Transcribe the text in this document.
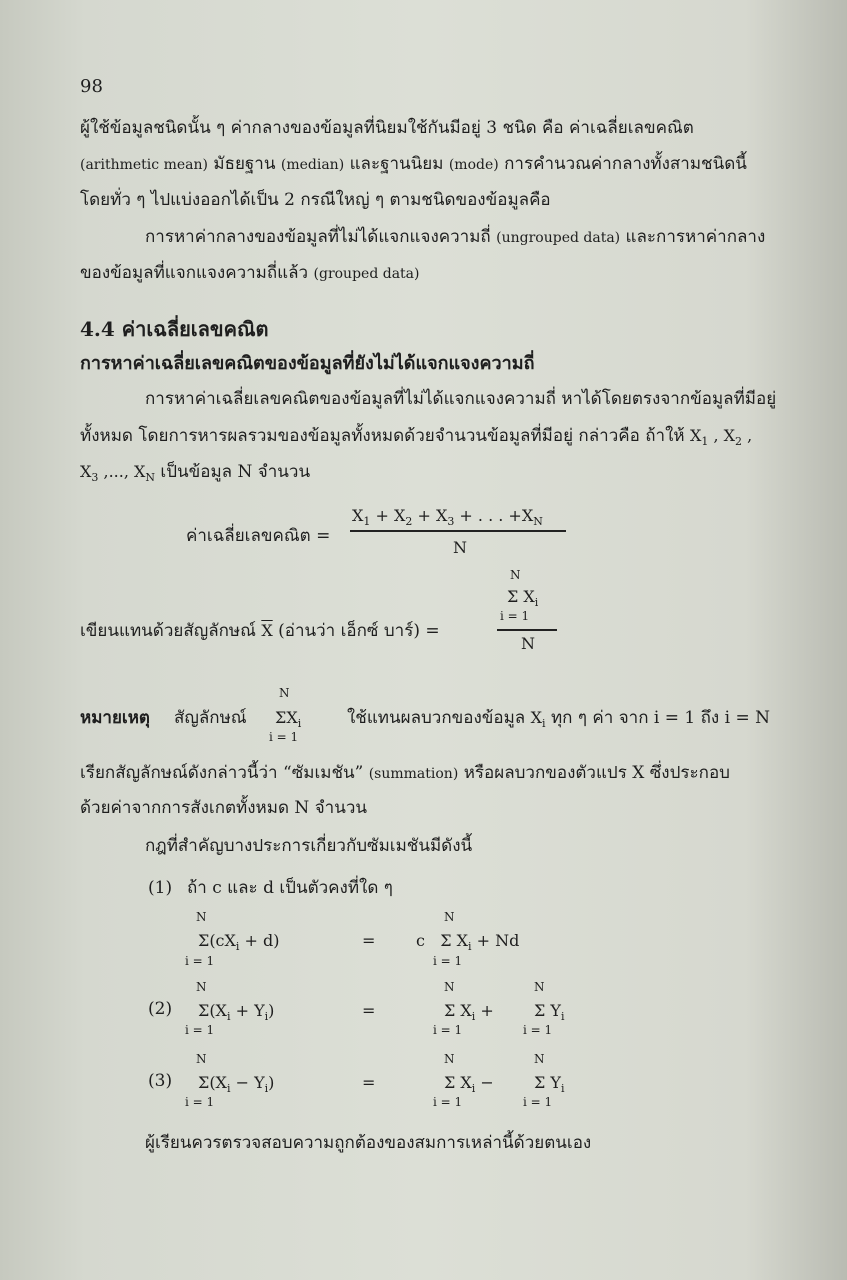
98
ผู้ใช้ข้อมูลชนิดนั้น ๆ ค่ากลางของข้อมูลที่นิยมใช้กันมีอยู่ 3 ชนิด คือ ค่าเฉลี่ยเลขคณิต
(arithmetic mean) มัธยฐาน (median) และฐานนิยม (mode) การคำนวณค่ากลางทั้งสามชนิดนี้
โดยทั่ว ๆ ไปแบ่งออกได้เป็น 2 กรณีใหญ่ ๆ ตามชนิดของข้อมูลคือ
การหาค่ากลางของข้อมูลที่ไม่ได้แจกแจงความถี่ (ungrouped data) และการหาค่ากลาง
ของข้อมูลที่แจกแจงความถี่แล้ว (grouped data)
4.4 ค่าเฉลี่ยเลขคณิต
การหาค่าเฉลี่ยเลขคณิตของข้อมูลที่ยังไม่ได้แจกแจงความถี่
การหาค่าเฉลี่ยเลขคณิตของข้อมูลที่ไม่ได้แจกแจงความถี่ หาได้โดยตรงจากข้อมูลที่มีอยู่
ทั้งหมด โดยการหารผลรวมของข้อมูลทั้งหมดด้วยจำนวนข้อมูลที่มีอยู่ กล่าวคือ ถ้าให้ $X_1$ , $X_2$ ,
$X_3$ ,..., $X_N$ เป็นข้อมูล N จำนวน
ค่าเฉลี่ยเลขคณิต =
$X_1 + X_2 + X_3$ + . . . $+X_N$
N
เขียนแทนด้วยสัญลักษณ์ $\overline{X}$ (อ่านว่า เอ็กซ์ บาร์) =
N
Σ $X_i$
i = 1
N
หมายเหตุ สัญลักษณ์
N
$\Sigma X_i$
i = 1
ใช้แทนผลบวกของข้อมูล $X_i$ ทุก ๆ ค่า จาก i = 1 ถึง i = N
เรียกสัญลักษณ์ดังกล่าวนี้ว่า “ซัมเมชัน” (summation) หรือผลบวกของตัวแปร X ซึ่งประกอบ
ด้วยค่าจากการสังเกตทั้งหมด N จำนวน
กฎที่สำคัญบางประการเกี่ยวกับซัมเมชันมีดังนี้
(1) ถ้า c และ d เป็นตัวคงที่ใด ๆ
N
$\Sigma(cX_i + d)$
i = 1
=
N
c   Σ $X_i + Nd$
i = 1
(2)
N
$\Sigma(X_i + Y_i)$
i = 1
=
N
Σ $X_i$ +
i = 1
N
Σ $Y_i$
i = 1
(3)
N
$\Sigma(X_i - Y_i)$
i = 1
=
N
Σ $X_i$ −
i = 1
N
Σ $Y_i$
i = 1
ผู้เรียนควรตรวจสอบความถูกต้องของสมการเหล่านี้ด้วยตนเอง
